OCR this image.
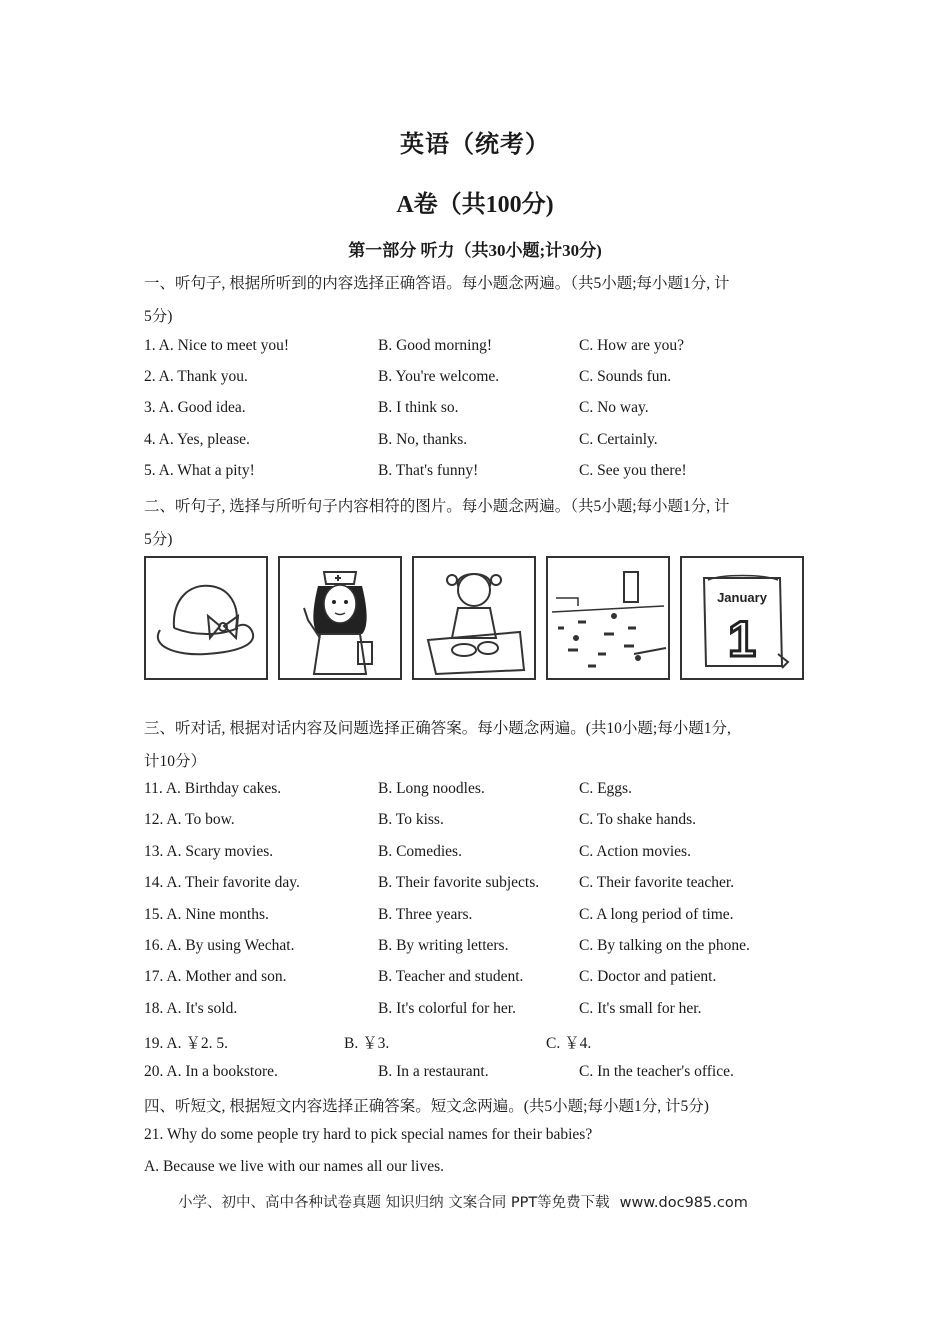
英语（统考）
A卷（共100分)
第一部分 听力（共30小题;计30分)
一、听句子, 根据所听到的内容选择正确答语。每小题念两遍。（共5小题;每小题1分, 计
5分)
1. A. Nice to meet you!	B. Good morning!	C. How are you?
2. A. Thank you.	B. You're welcome.	C. Sounds fun.
3. A. Good idea.	B. I think so.	C. No way.
4. A. Yes, please.	B. No, thanks.	C. Certainly.
5. A. What a pity!	B. That's funny!	C. See you there!
二、听句子, 选择与所听句子内容相符的图片。每小题念两遍。（共5小题;每小题1分, 计
5分)
January
1
三、听对话, 根据对话内容及问题选择正确答案。每小题念两遍。(共10小题;每小题1分,
计10分）
11. A. Birthday cakes.	B. Long noodles.	C. Eggs.
12. A. To bow.	B. To kiss.	C. To shake hands.
13. A. Scary movies.	B. Comedies.	C. Action movies.
14. A. Their favorite day.	B. Their favorite subjects.	C. Their favorite teacher.
15. A. Nine months.	B. Three years.	C. A long period of time.
16. A. By using Wechat.	B. By writing letters.	C. By talking on the phone.
17. A. Mother and son.	B. Teacher and student.	C. Doctor and patient.
18. A. It's sold.	B. It's colorful for her.	C. It's small for her.
19. A. ￥2. 5.	B. ￥3.	C. ￥4.
20. A. In a bookstore.	B. In a restaurant.	C. In the teacher's office.
四、听短文, 根据短文内容选择正确答案。短文念两遍。(共5小题;每小题1分, 计5分)
21. Why do some people try hard to pick special names for their babies?
A. Because we live with our names all our lives.
小学、初中、高中各种试卷真题 知识归纳 文案合同 PPT等免费下载 www.doc985.com
